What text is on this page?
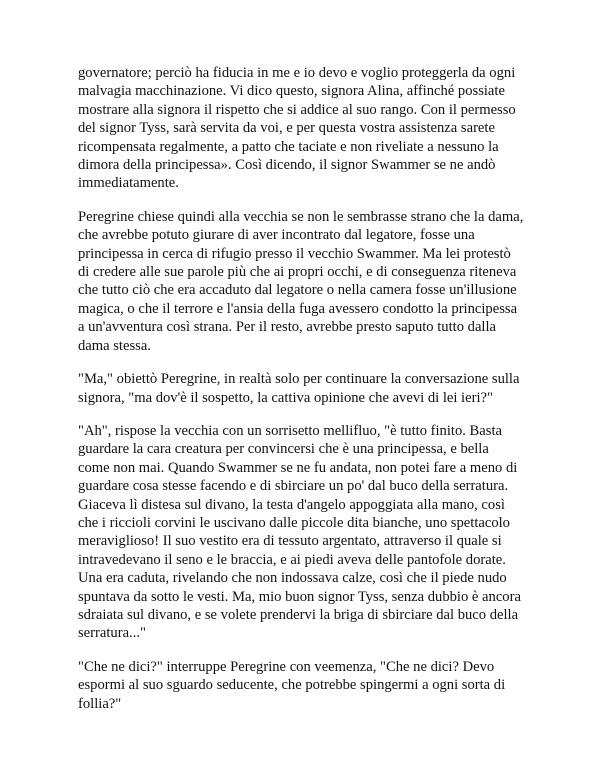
governatore; perciò ha fiducia in me e io devo e voglio proteggerla da ogni
malvagia macchinazione. Vi dico questo, signora Alina, affinché possiate
mostrare alla signora il rispetto che si addice al suo rango. Con il permesso
del signor Tyss, sarà servita da voi, e per questa vostra assistenza sarete
ricompensata regalmente, a patto che taciate e non riveliate a nessuno la
dimora della principessa». Così dicendo, il signor Swammer se ne andò
immediatamente.

Peregrine chiese quindi alla vecchia se non le sembrasse strano che la dama,
che avrebbe potuto giurare di aver incontrato dal legatore, fosse una
principessa in cerca di rifugio presso il vecchio Swammer. Ma lei protestò
di credere alle sue parole più che ai propri occhi, e di conseguenza riteneva
che tutto ciò che era accaduto dal legatore o nella camera fosse un'illusione
magica, o che il terrore e l'ansia della fuga avessero condotto la principessa
a un'avventura così strana. Per il resto, avrebbe presto saputo tutto dalla
dama stessa.

"Ma," obiettò Peregrine, in realtà solo per continuare la conversazione sulla
signora, "ma dov'è il sospetto, la cattiva opinione che avevi di lei ieri?"

"Ah", rispose la vecchia con un sorrisetto mellifluo, "è tutto finito. Basta
guardare la cara creatura per convincersi che è una principessa, e bella
come non mai. Quando Swammer se ne fu andata, non potei fare a meno di
guardare cosa stesse facendo e di sbirciare un po' dal buco della serratura.
Giaceva lì distesa sul divano, la testa d'angelo appoggiata alla mano, così
che i riccioli corvini le uscivano dalle piccole dita bianche, uno spettacolo
meraviglioso! Il suo vestito era di tessuto argentato, attraverso il quale si
intravedevano il seno e le braccia, e ai piedi aveva delle pantofole dorate.
Una era caduta, rivelando che non indossava calze, così che il piede nudo
spuntava da sotto le vesti. Ma, mio buon signor Tyss, senza dubbio è ancora
sdraiata sul divano, e se volete prendervi la briga di sbirciare dal buco della
serratura..."

"Che ne dici?" interruppe Peregrine con veemenza, "Che ne dici? Devo
espormi al suo sguardo seducente, che potrebbe spingermi a ogni sorta di
follia?"
